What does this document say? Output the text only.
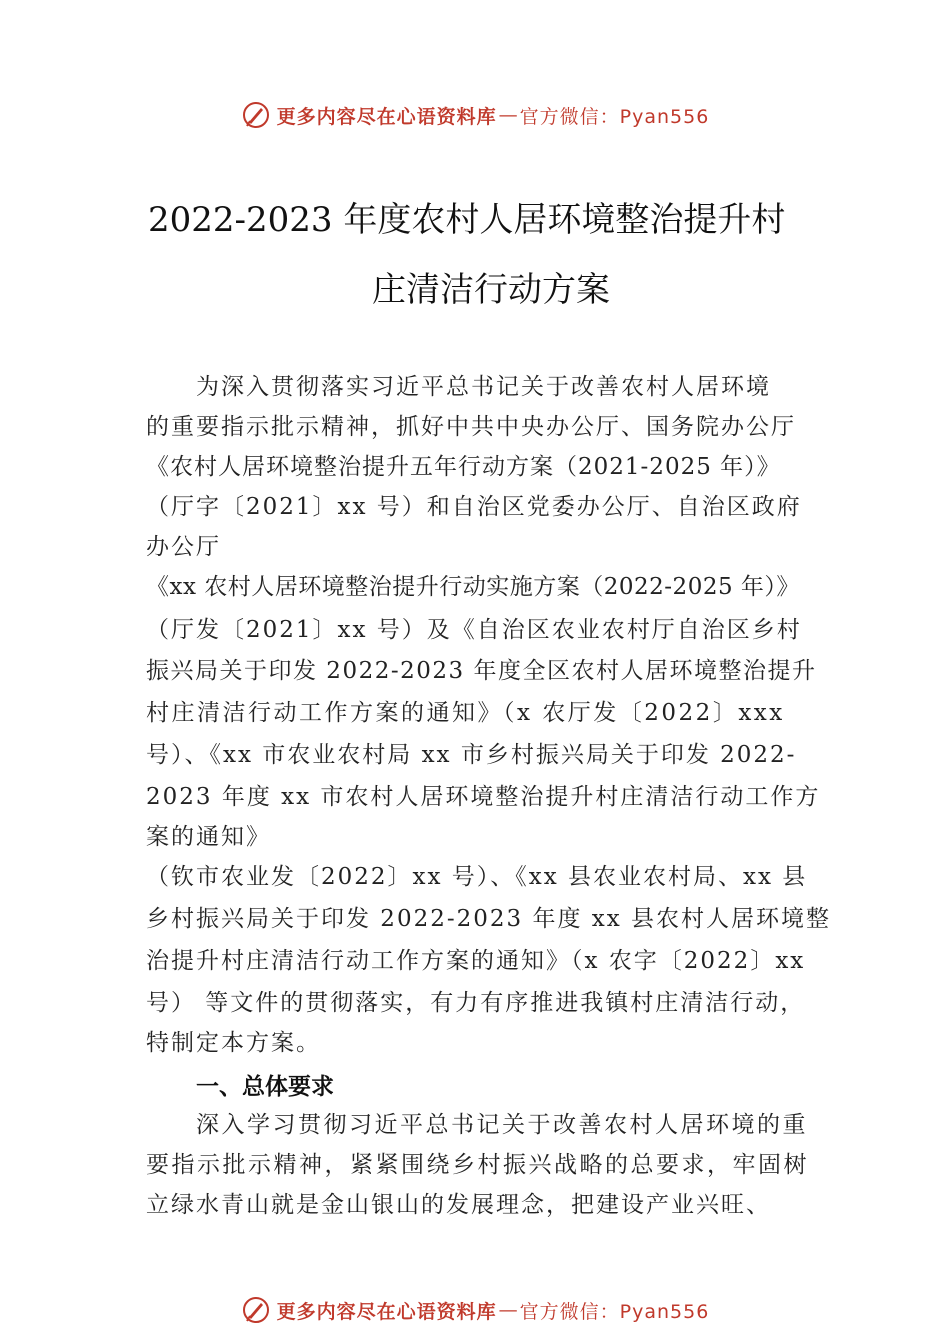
更多内容尽在心语资料库 — 官方微信：Pyan556
2022-2023 年度农村人居环境整治提升村
庄清洁行动方案
为深入贯彻落实习近平总书记关于改善农村人居环境
的重要指示批示精神，抓好中共中央办公厅、国务院办公厅
《农村人居环境整治提升五年行动方案（2021-2025 年）》
（厅字〔2021〕xx 号）和自治区党委办公厅、自治区政府
办公厅
《xx 农村人居环境整治提升行动实施方案（2022-2025 年）》
（厅发〔2021〕xx 号）及《自治区农业农村厅自治区乡村
振兴局关于印发 2022-2023 年度全区农村人居环境整治提升
村庄清洁行动工作方案的通知》（x 农厅发〔2022〕xxx
号）、《xx 市农业农村局 xx 市乡村振兴局关于印发 2022-
2023 年度 xx 市农村人居环境整治提升村庄清洁行动工作方
案的通知》
（钦市农业发〔2022〕xx 号）、《xx 县农业农村局、xx 县
乡村振兴局关于印发 2022-2023 年度 xx 县农村人居环境整
治提升村庄清洁行动工作方案的通知》（x 农字〔2022〕xx
号） 等文件的贯彻落实，有力有序推进我镇村庄清洁行动，
特制定本方案。
一、总体要求
深入学习贯彻习近平总书记关于改善农村人居环境的重
要指示批示精神，紧紧围绕乡村振兴战略的总要求，牢固树
立绿水青山就是金山银山的发展理念，把建设产业兴旺、
更多内容尽在心语资料库 — 官方微信：Pyan556
